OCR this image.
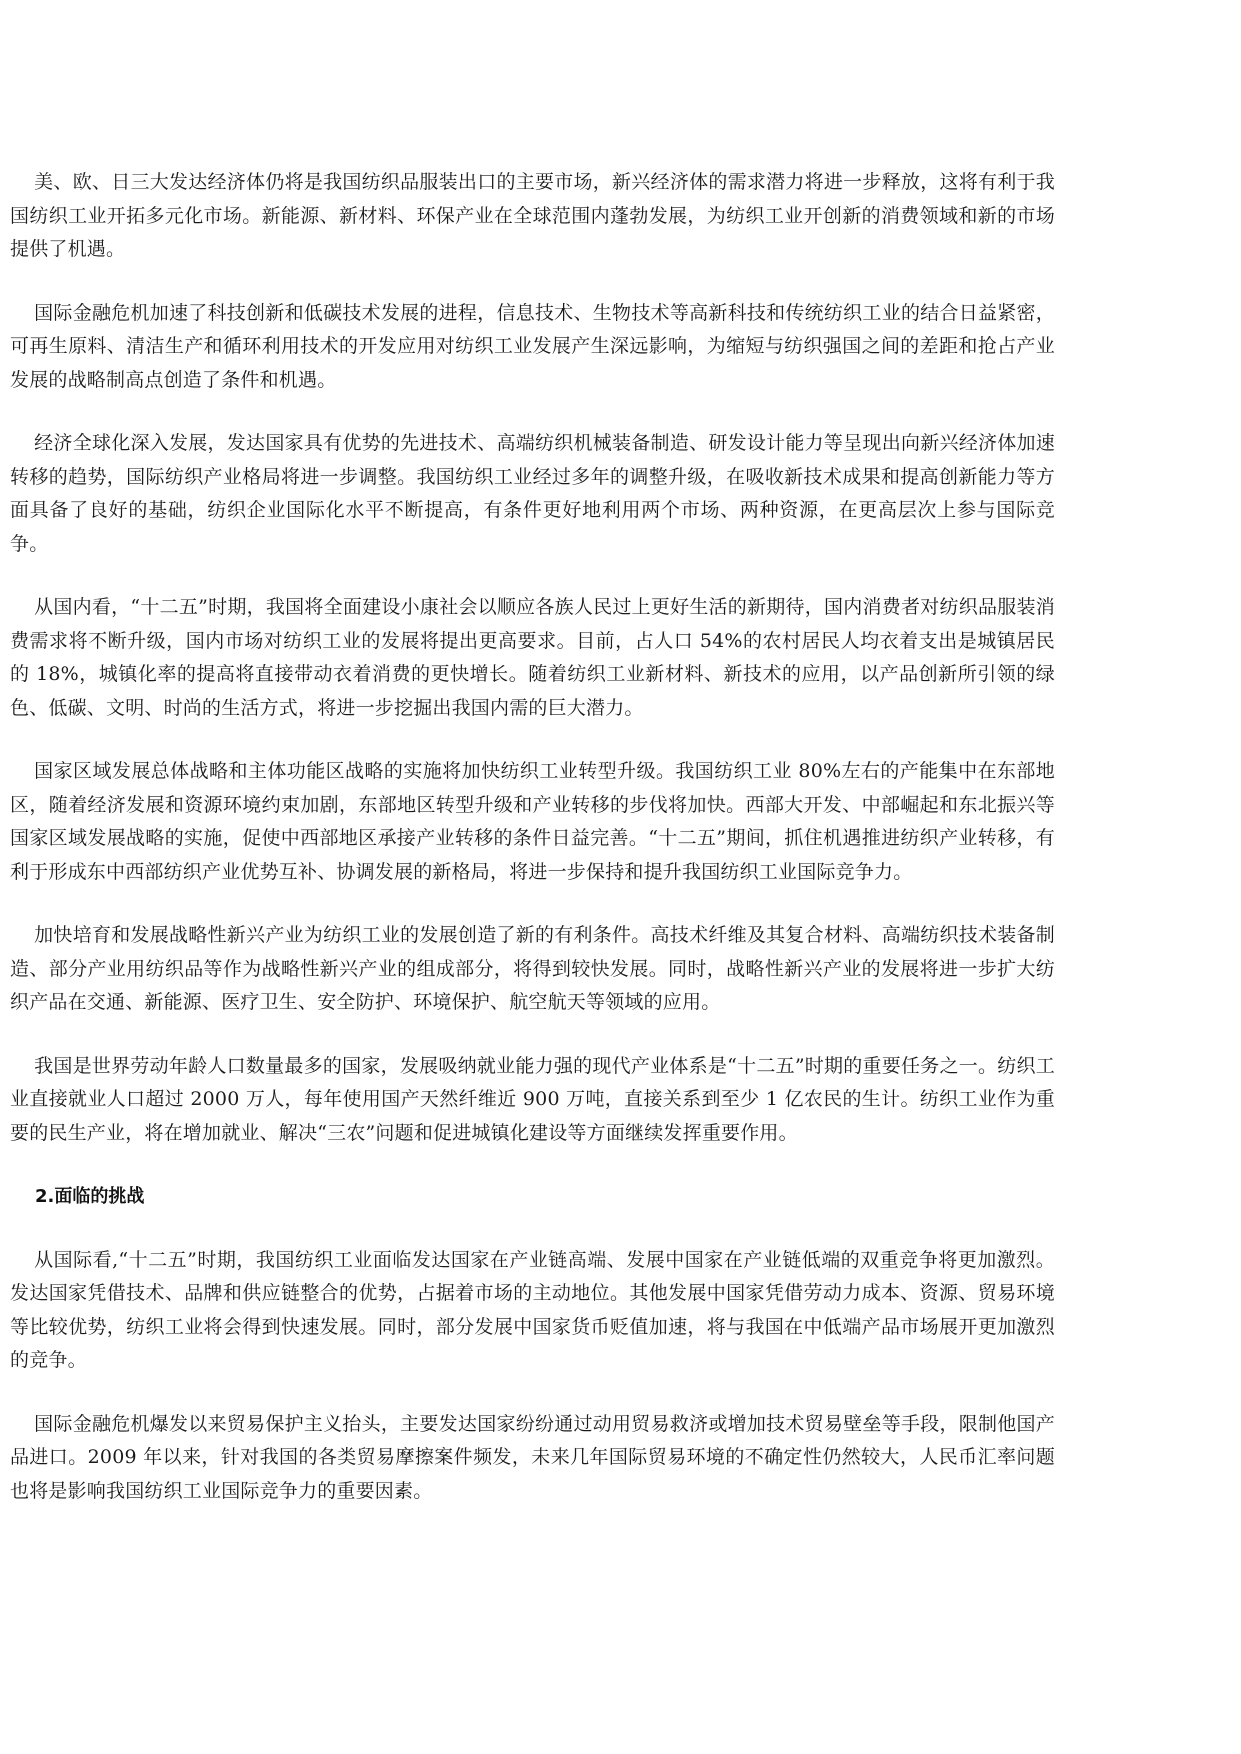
美、欧、日三大发达经济体仍将是我国纺织品服装出口的主要市场，新兴经济体的需求潜力将进一步释放，这将有利于我国纺织工业开拓多元化市场。新能源、新材料、环保产业在全球范围内蓬勃发展，为纺织工业开创新的消费领域和新的市场提供了机遇。

国际金融危机加速了科技创新和低碳技术发展的进程，信息技术、生物技术等高新科技和传统纺织工业的结合日益紧密，可再生原料、清洁生产和循环利用技术的开发应用对纺织工业发展产生深远影响，为缩短与纺织强国之间的差距和抢占产业发展的战略制高点创造了条件和机遇。

经济全球化深入发展，发达国家具有优势的先进技术、高端纺织机械装备制造、研发设计能力等呈现出向新兴经济体加速转移的趋势，国际纺织产业格局将进一步调整。我国纺织工业经过多年的调整升级，在吸收新技术成果和提高创新能力等方面具备了良好的基础，纺织企业国际化水平不断提高，有条件更好地利用两个市场、两种资源，在更高层次上参与国际竞争。

从国内看，“十二五”时期，我国将全面建设小康社会以顺应各族人民过上更好生活的新期待，国内消费者对纺织品服装消费需求将不断升级，国内市场对纺织工业的发展将提出更高要求。目前，占人口 54%的农村居民人均衣着支出是城镇居民的 18%，城镇化率的提高将直接带动衣着消费的更快增长。随着纺织工业新材料、新技术的应用，以产品创新所引领的绿色、低碳、文明、时尚的生活方式，将进一步挖掘出我国内需的巨大潜力。

国家区域发展总体战略和主体功能区战略的实施将加快纺织工业转型升级。我国纺织工业 80%左右的产能集中在东部地区，随着经济发展和资源环境约束加剧，东部地区转型升级和产业转移的步伐将加快。西部大开发、中部崛起和东北振兴等国家区域发展战略的实施，促使中西部地区承接产业转移的条件日益完善。“十二五”期间，抓住机遇推进纺织产业转移，有利于形成东中西部纺织产业优势互补、协调发展的新格局，将进一步保持和提升我国纺织工业国际竞争力。

加快培育和发展战略性新兴产业为纺织工业的发展创造了新的有利条件。高技术纤维及其复合材料、高端纺织技术装备制造、部分产业用纺织品等作为战略性新兴产业的组成部分，将得到较快发展。同时，战略性新兴产业的发展将进一步扩大纺织产品在交通、新能源、医疗卫生、安全防护、环境保护、航空航天等领域的应用。

我国是世界劳动年龄人口数量最多的国家，发展吸纳就业能力强的现代产业体系是“十二五”时期的重要任务之一。纺织工业直接就业人口超过 2000 万人，每年使用国产天然纤维近 900 万吨，直接关系到至少 1 亿农民的生计。纺织工业作为重要的民生产业，将在增加就业、解决“三农”问题和促进城镇化建设等方面继续发挥重要作用。

2.面临的挑战

从国际看,“十二五”时期，我国纺织工业面临发达国家在产业链高端、发展中国家在产业链低端的双重竞争将更加激烈。发达国家凭借技术、品牌和供应链整合的优势，占据着市场的主动地位。其他发展中国家凭借劳动力成本、资源、贸易环境等比较优势，纺织工业将会得到快速发展。同时，部分发展中国家货币贬值加速，将与我国在中低端产品市场展开更加激烈的竞争。

国际金融危机爆发以来贸易保护主义抬头，主要发达国家纷纷通过动用贸易救济或增加技术贸易壁垒等手段，限制他国产品进口。2009 年以来，针对我国的各类贸易摩擦案件频发，未来几年国际贸易环境的不确定性仍然较大，人民币汇率问题也将是影响我国纺织工业国际竞争力的重要因素。
